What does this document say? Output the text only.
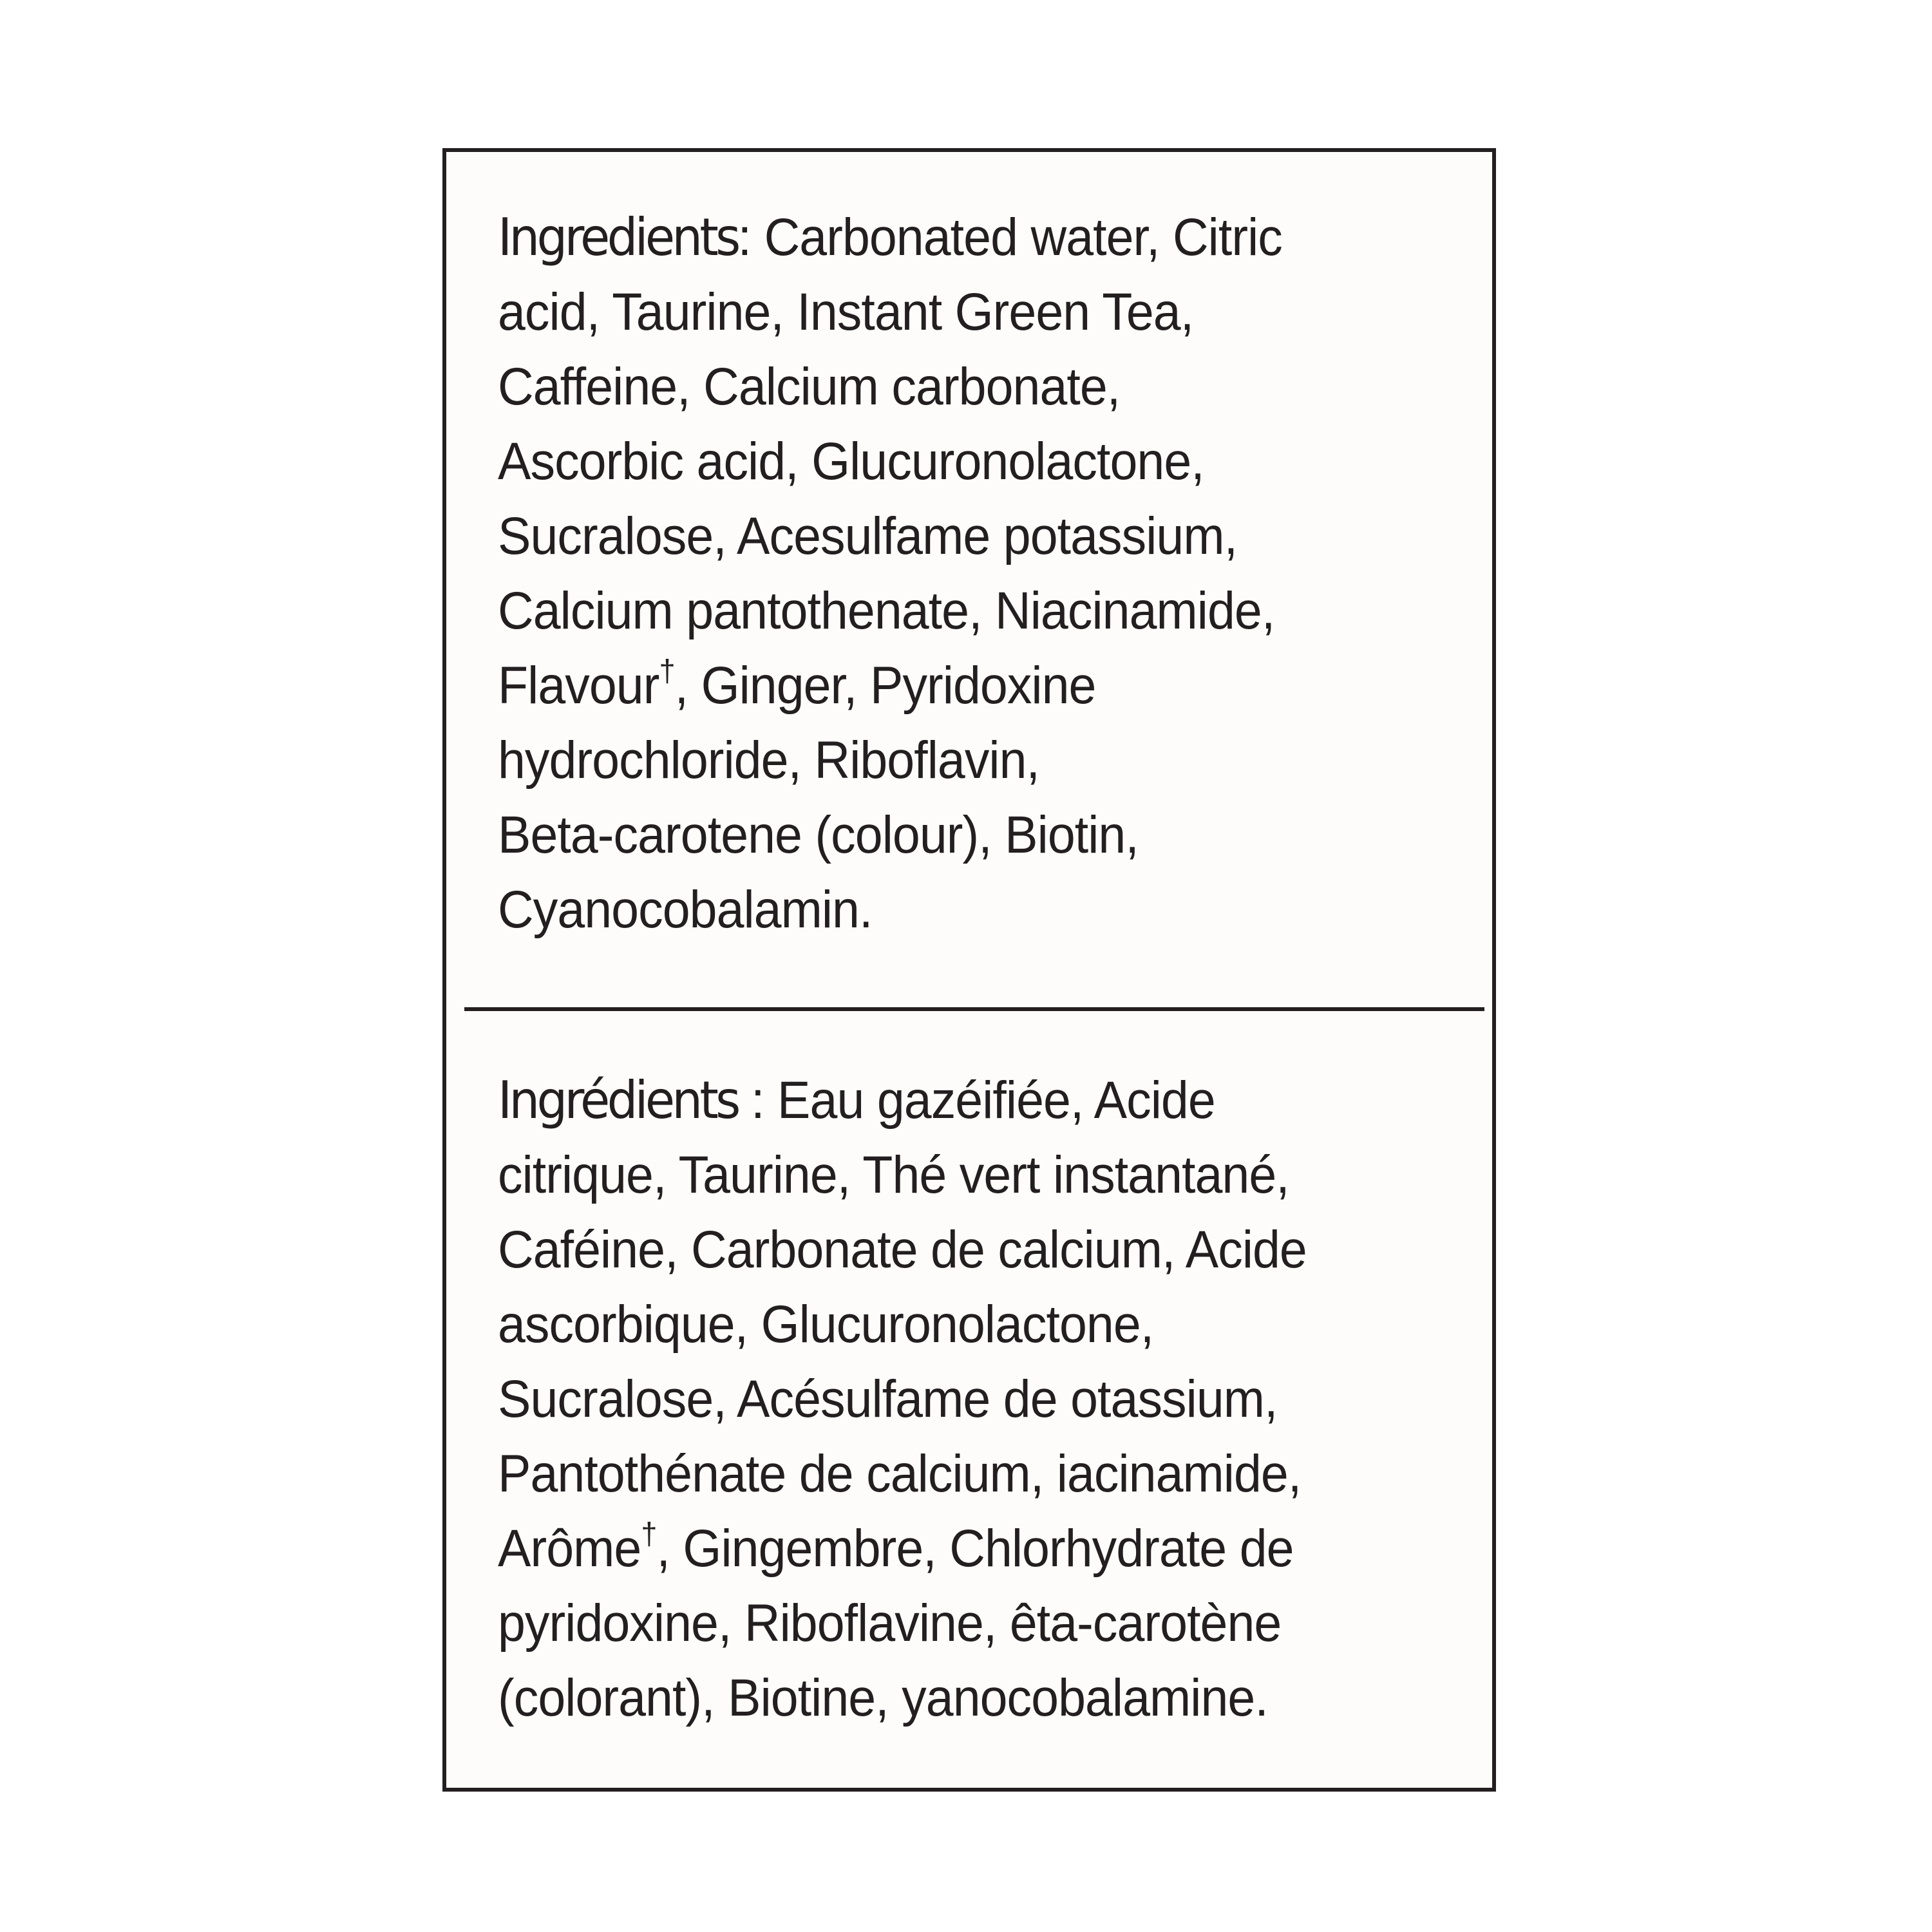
Ingredients: Carbonated water, Citric
acid, Taurine, Instant Green Tea,
Caffeine, Calcium carbonate,
Ascorbic acid, Glucuronolactone,
Sucralose, Acesulfame potassium,
Calcium pantothenate, Niacinamide,
Flavour†, Ginger, Pyridoxine
hydrochloride, Riboflavin,
Beta-carotene (colour), Biotin,
Cyanocobalamin.
Ingrédients : Eau gazéifiée, Acide
citrique, Taurine, Thé vert instantané,
Caféine, Carbonate de calcium, Acide
ascorbique, Glucuronolactone,
Sucralose, Acésulfame de otassium,
Pantothénate de calcium, iacinamide,
Arôme†, Gingembre, Chlorhydrate de
pyridoxine, Riboflavine, êta-carotène
(colorant), Biotine, yanocobalamine.
